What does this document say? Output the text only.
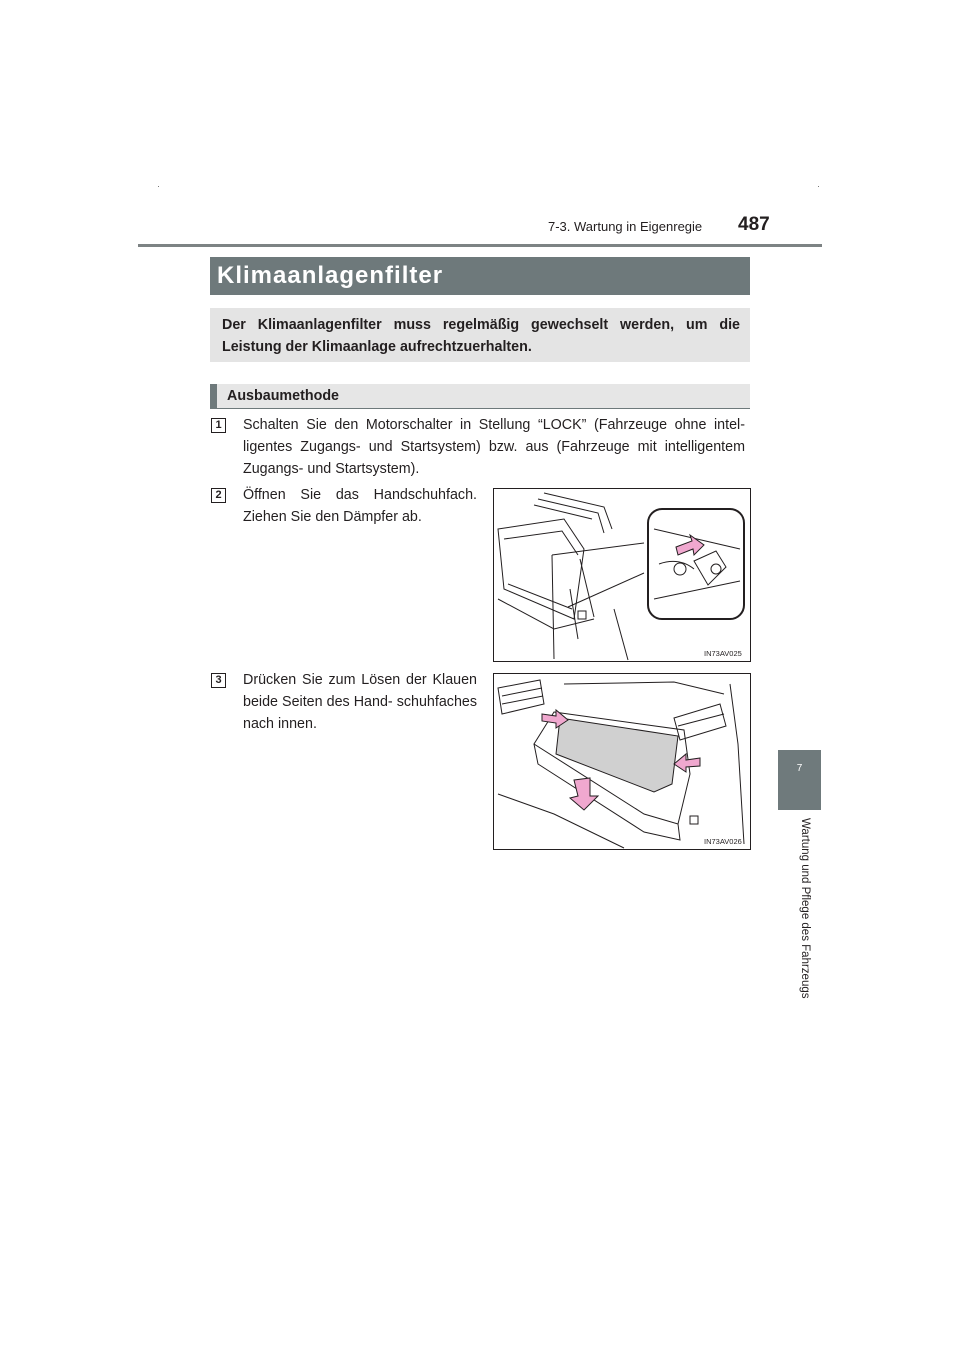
7-3. Wartung in Eigenregie 487
7
Wartung und Pflege des Fahrzeugs
Klimaanlagenfilter
Der Klimaanlagenfilter muss regelmäßig gewechselt werden, um die Leistung der Klimaanlage aufrechtzuerhalten.
Ausbaumethode
1	Schalten Sie den Motorschalter in Stellung “LOCK” (Fahrzeuge ohne intel- ligentes Zugangs- und Startsystem) bzw. aus (Fahrzeuge mit intelligentem Zugangs- und Startsystem).
2	Öffnen Sie das Handschuhfach. Ziehen Sie den Dämpfer ab.
IN73AV025
3	Drücken Sie zum Lösen der Klauen beide Seiten des Hand- schuhfaches nach innen.
IN73AV026
